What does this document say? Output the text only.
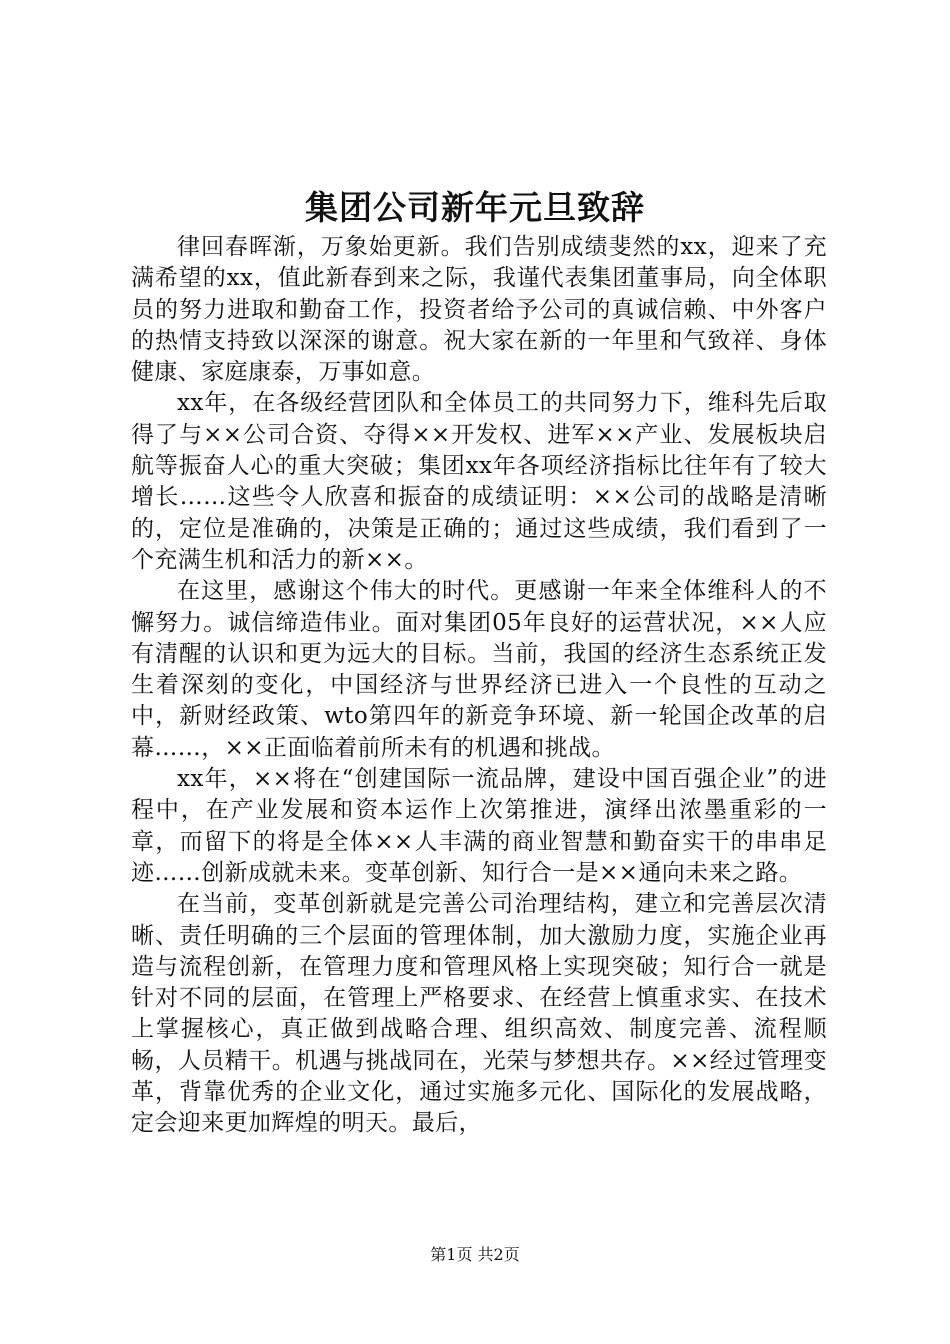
集团公司新年元旦致辞

律回春晖渐，万象始更新。我们告别成绩斐然的xx，迎来了充满希望的xx，值此新春到来之际，我谨代表集团董事局，向全体职员的努力进取和勤奋工作，投资者给予公司的真诚信赖、中外客户的热情支持致以深深的谢意。祝大家在新的一年里和气致祥、身体健康、家庭康泰，万事如意。

xx年，在各级经营团队和全体员工的共同努力下，维科先后取得了与××公司合资、夺得××开发权、进军××产业、发展板块启航等振奋人心的重大突破；集团xx年各项经济指标比往年有了较大增长……这些令人欣喜和振奋的成绩证明：××公司的战略是清晰的，定位是准确的，决策是正确的；通过这些成绩，我们看到了一个充满生机和活力的新××。

在这里，感谢这个伟大的时代。更感谢一年来全体维科人的不懈努力。诚信缔造伟业。面对集团05年良好的运营状况，××人应有清醒的认识和更为远大的目标。当前，我国的经济生态系统正发生着深刻的变化，中国经济与世界经济已进入一个良性的互动之中，新财经政策、wto第四年的新竞争环境、新一轮国企改革的启幕……，××正面临着前所未有的机遇和挑战。

xx年，××将在“创建国际一流品牌，建设中国百强企业”的进程中，在产业发展和资本运作上次第推进，演绎出浓墨重彩的一章，而留下的将是全体××人丰满的商业智慧和勤奋实干的串串足迹……创新成就未来。变革创新、知行合一是××通向未来之路。

在当前，变革创新就是完善公司治理结构，建立和完善层次清晰、责任明确的三个层面的管理体制，加大激励力度，实施企业再造与流程创新，在管理力度和管理风格上实现突破；知行合一就是针对不同的层面，在管理上严格要求、在经营上慎重求实、在技术上掌握核心，真正做到战略合理、组织高效、制度完善、流程顺畅，人员精干。机遇与挑战同在，光荣与梦想共存。××经过管理变革，背靠优秀的企业文化，通过实施多元化、国际化的发展战略，定会迎来更加辉煌的明天。最后，

第1页 共2页
